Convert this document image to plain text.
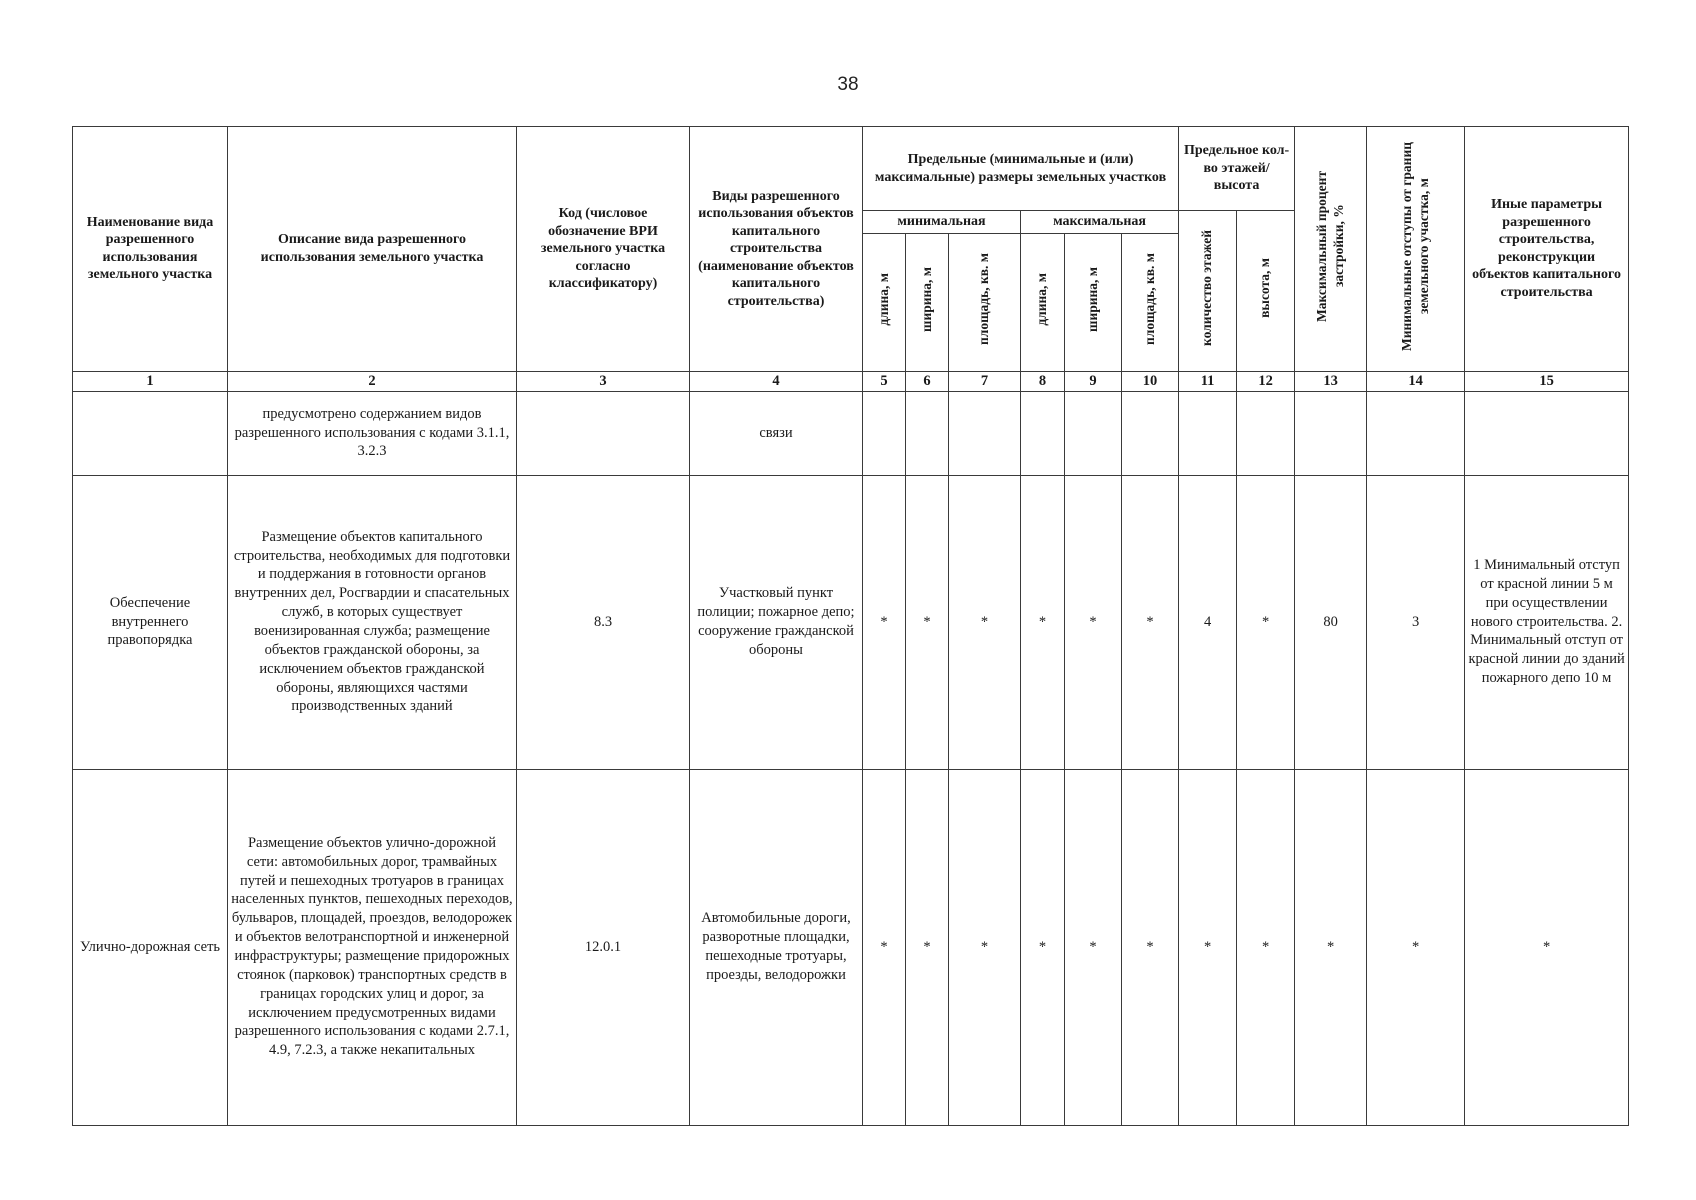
38
Наименование вида разрешенного использования земельного участка	Описание вида разрешенного использования земельного участка	Код (числовое обозначение ВРИ земельного участка согласно классификатору)	Виды разрешенного использования объектов капитального строительства (наименование объектов капитального строительства)	Предельные (минимальные и (или) максимальные) размеры земельных участков						Предельное кол-во этажей/высота		Максимальный процент застройки, %	Минимальные отступы от границ земельного участка, м	Иные параметры разрешенного строительства, реконструкции объектов капитального строительства
				минимальная			максимальная			количество этажей	высота, м			
				длина, м	ширина, м	площадь, кв. м	длина, м	ширина, м	площадь, кв. м					
1	2	3	4	5	6	7	8	9	10	11	12	13	14	15
	предусмотрено содержанием видов разрешенного использования с кодами 3.1.1, 3.2.3		связи											
Обеспечение внутреннего правопорядка	Размещение объектов капитального строительства, необходимых для подготовки и поддержания в готовности органов внутренних дел, Росгвардии и спасательных служб, в которых существует военизированная служба; размещение объектов гражданской обороны, за исключением объектов гражданской обороны, являющихся частями производственных зданий	8.3	Участковый пункт полиции; пожарное депо; сооружение гражданской обороны	*	*	*	*	*	*	4	*	80	3	1 Минимальный отступ от красной линии 5 м при осуществлении нового строительства. 2. Минимальный отступ от красной линии до зданий пожарного депо 10 м
Улично-дорожная сеть	Размещение объектов улично-дорожной сети: автомобильных дорог, трамвайных путей и пешеходных тротуаров в границах населенных пунктов, пешеходных переходов, бульваров, площадей, проездов, велодорожек и объектов велотранспортной и инженерной инфраструктуры; размещение придорожных стоянок (парковок) транспортных средств в границах городских улиц и дорог, за исключением предусмотренных видами разрешенного использования с кодами 2.7.1, 4.9, 7.2.3, а также некапитальных	12.0.1	Автомобильные дороги, разворотные площадки, пешеходные тротуары, проезды, велодорожки	*	*	*	*	*	*	*	*	*	*	*
